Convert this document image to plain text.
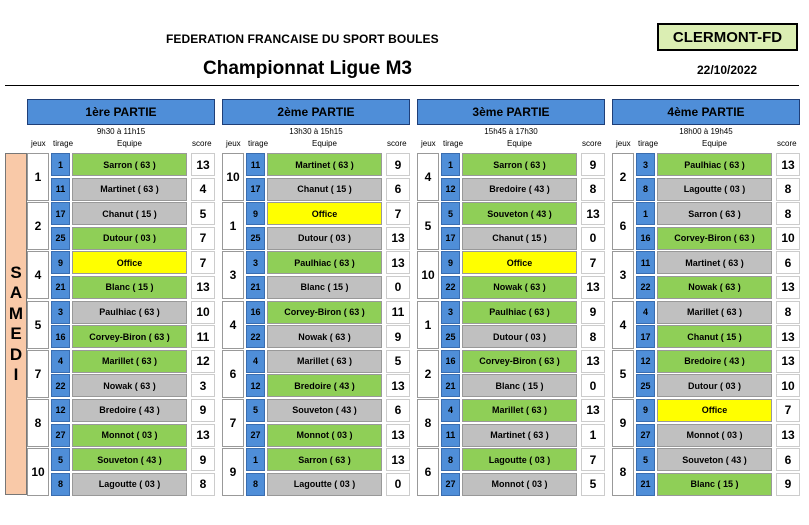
FEDERATION FRANCAISE DU SPORT BOULES
Championnat Ligue M3
CLERMONT-FD
22/10/2022
S
A
M
E
D
I
1ère PARTIE
9h30 à 11h15
jeux tirage	Equipe	score
1
1	Sarron ( 63 )	13
11	Martinet ( 63 )	4
2
17	Chanut ( 15 )	5
25	Dutour ( 03 )	7
4
9	Office	7
21	Blanc ( 15 )	13
5
3	Paulhiac ( 63 )	10
16	Corvey-Biron ( 63 )	11
7
4	Marillet ( 63 )	12
22	Nowak ( 63 )	3
8
12	Bredoire ( 43 )	9
27	Monnot ( 03 )	13
10
5	Souveton ( 43 )	9
8	Lagoutte ( 03 )	8
2ème PARTIE
13h30 à 15h15
jeux tirage	Equipe	score
10
11	Martinet ( 63 )	9
17	Chanut ( 15 )	6
1
9	Office	7
25	Dutour ( 03 )	13
3
3	Paulhiac ( 63 )	13
21	Blanc ( 15 )	0
4
16	Corvey-Biron ( 63 )	11
22	Nowak ( 63 )	9
6
4	Marillet ( 63 )	5
12	Bredoire ( 43 )	13
7
5	Souveton ( 43 )	6
27	Monnot ( 03 )	13
9
1	Sarron ( 63 )	13
8	Lagoutte ( 03 )	0
3ème PARTIE
15h45 à 17h30
jeux tirage	Equipe	score
4
1	Sarron ( 63 )	9
12	Bredoire ( 43 )	8
5
5	Souveton ( 43 )	13
17	Chanut ( 15 )	0
10
9	Office	7
22	Nowak ( 63 )	13
1
3	Paulhiac ( 63 )	9
25	Dutour ( 03 )	8
2
16	Corvey-Biron ( 63 )	13
21	Blanc ( 15 )	0
8
4	Marillet ( 63 )	13
11	Martinet ( 63 )	1
6
8	Lagoutte ( 03 )	7
27	Monnot ( 03 )	5
4ème PARTIE
18h00 à 19h45
jeux tirage	Equipe	score
2
3	Paulhiac ( 63 )	13
8	Lagoutte ( 03 )	8
6
1	Sarron ( 63 )	8
16	Corvey-Biron ( 63 )	10
3
11	Martinet ( 63 )	6
22	Nowak ( 63 )	13
4
4	Marillet ( 63 )	8
17	Chanut ( 15 )	13
5
12	Bredoire ( 43 )	13
25	Dutour ( 03 )	10
9
9	Office	7
27	Monnot ( 03 )	13
8
5	Souveton ( 43 )	6
21	Blanc ( 15 )	9
